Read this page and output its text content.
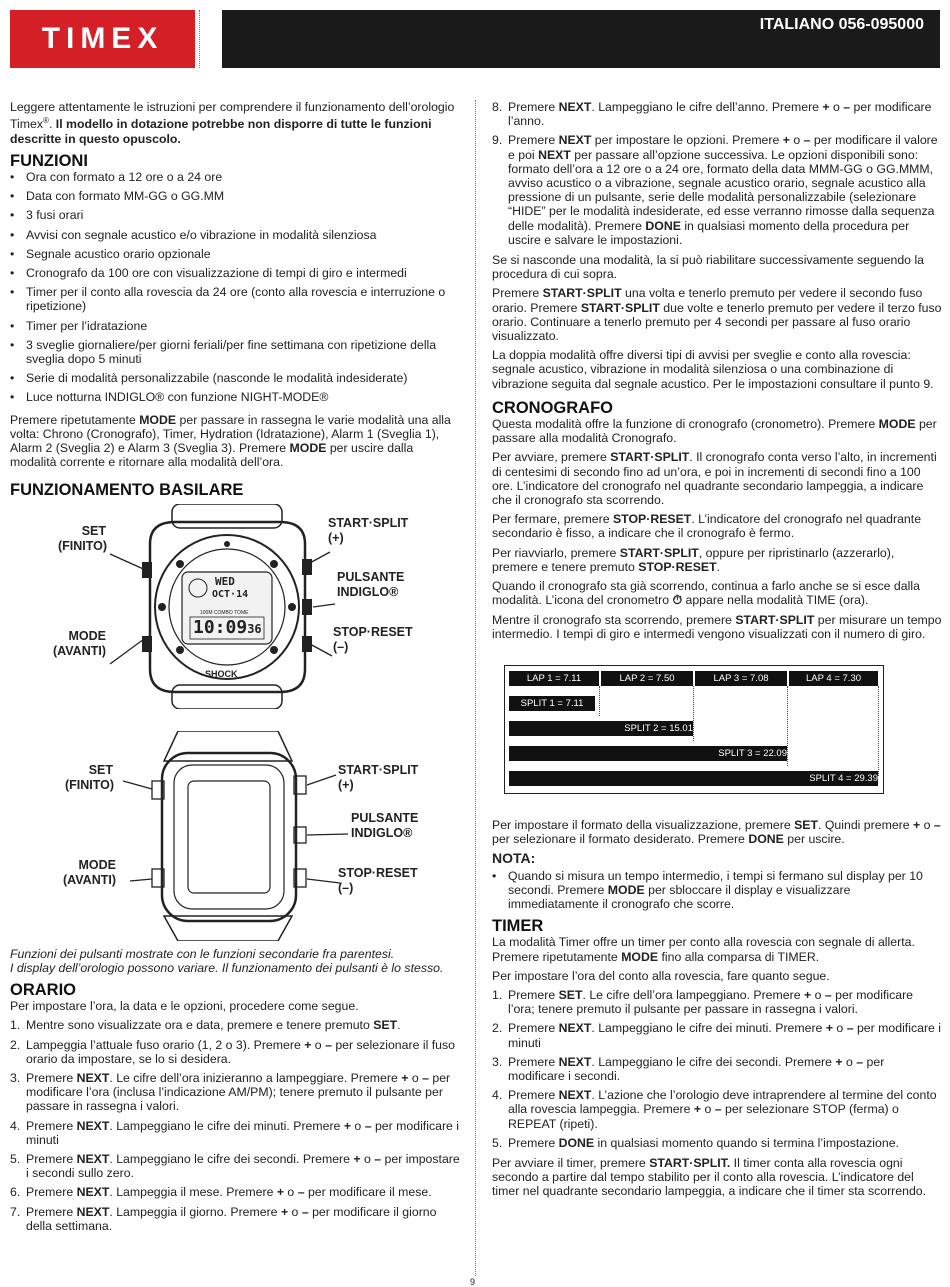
TIMEX	ITALIANO 056-095000

Leggere attentamente le istruzioni per comprendere il funzionamento dell’orologio Timex®. Il modello in dotazione potrebbe non disporre di tutte le funzioni descritte in questo opuscolo.

FUNZIONI
• Ora con formato a 12 ore o a 24 ore
• Data con formato MM-GG o GG.MM
• 3 fusi orari
• Avvisi con segnale acustico e/o vibrazione in modalità silenziosa
• Segnale acustico orario opzionale
• Cronografo da 100 ore con visualizzazione di tempi di giro e intermedi
• Timer per il conto alla rovescia da 24 ore (conto alla rovescia e interruzione o ripetizione)
• Timer per l’idratazione
• 3 sveglie giornaliere/per giorni feriali/per fine settimana con ripetizione della sveglia dopo 5 minuti
• Serie di modalità personalizzabile (nasconde le modalità indesiderate)
• Luce notturna INDIGLO® con funzione NIGHT-MODE®

Premere ripetutamente MODE per passare in rassegna le varie modalità una alla volta: Chrono (Cronografo), Timer, Hydration (Idratazione), Alarm 1 (Sveglia 1), Alarm 2 (Sveglia 2) e Alarm 3 (Sveglia 3). Premere MODE per uscire dalla modalità corrente e ritornare alla modalità dell’ora.

FUNZIONAMENTO BASILARE
WED
OCT·14
100M COMBO TOME
10:0936
SHOCK
SET
(FINITO)
MODE
(AVANTI)
START·SPLIT
(+)
PULSANTE
INDIGLO®
STOP·RESET
(–)
SET
(FINITO)
MODE
(AVANTI)
START·SPLIT
(+)
PULSANTE
INDIGLO®
STOP·RESET
(–)

Funzioni dei pulsanti mostrate con le funzioni secondarie fra parentesi.
I display dell’orologio possono variare. Il funzionamento dei pulsanti è lo stesso.

ORARIO

Per impostare l’ora, la data e le opzioni, procedere come segue.

1. Mentre sono visualizzate ora e data, premere e tenere premuto SET.
2. Lampeggia l’attuale fuso orario (1, 2 o 3). Premere + o – per selezionare il fuso orario da impostare, se lo si desidera.
3. Premere NEXT. Le cifre dell’ora inizieranno a lampeggiare. Premere + o – per modificare l’ora (inclusa l’indicazione AM/PM); tenere premuto il pulsante per passare in rassegna i valori.
4. Premere NEXT. Lampeggiano le cifre dei minuti. Premere + o – per modificare i minuti
5. Premere NEXT. Lampeggiano le cifre dei secondi. Premere + o – per impostare i secondi sullo zero.
6. Premere NEXT. Lampeggia il mese. Premere + o – per modificare il mese.
7. Premere NEXT. Lampeggia il giorno. Premere + o – per modificare il giorno della settimana.
8. Premere NEXT. Lampeggiano le cifre dell’anno. Premere + o – per modificare l’anno.
9. Premere NEXT per impostare le opzioni. Premere + o – per modificare il valore e poi NEXT per passare all’opzione successiva. Le opzioni disponibili sono: formato dell’ora a 12 ore o a 24 ore, formato della data MMM-GG o GG.MMM, avviso acustico o a vibrazione, segnale acustico orario, segnale acustico alla pressione di un pulsante, serie delle modalità personalizzabile (selezionare “HIDE” per le modalità indesiderate, ed esse verranno rimosse dalla sequenza delle modalità). Premere DONE in qualsiasi momento della procedura per uscire e salvare le impostazioni.

Se si nasconde una modalità, la si può riabilitare successivamente seguendo la procedura di cui sopra.

Premere START·SPLIT una volta e tenerlo premuto per vedere il secondo fuso orario. Premere START·SPLIT due volte e tenerlo premuto per vedere il terzo fuso orario. Continuare a tenerlo premuto per 4 secondi per passare al fuso orario visualizzato.

La doppia modalità offre diversi tipi di avvisi per sveglie e conto alla rovescia: segnale acustico, vibrazione in modalità silenziosa o una combinazione di vibrazione seguita dal segnale acustico. Per le impostazioni consultare il punto 9.

CRONOGRAFO

Questa modalità offre la funzione di cronografo (cronometro). Premere MODE per passare alla modalità Cronografo.

Per avviare, premere START·SPLIT. Il cronografo conta verso l’alto, in incrementi di centesimi di secondo fino ad un’ora, e poi in incrementi di secondi fino a 100 ore. L’indicatore del cronografo nel quadrante secondario lampeggia, a indicare che il cronografo sta scorrendo.

Per fermare, premere STOP·RESET. L’indicatore del cronografo nel quadrante secondario è fisso, a indicare che il cronografo è fermo.

Per riavviarlo, premere START·SPLIT, oppure per ripristinarlo (azzerarlo), premere e tenere premuto STOP·RESET.

Quando il cronografo sta già scorrendo, continua a farlo anche se si esce dalla modalità. L’icona del cronometro ⏱ appare nella modalità TIME (ora).

Mentre il cronografo sta scorrendo, premere START·SPLIT per misurare un tempo intermedio. I tempi di giro e intermedi vengono visualizzati con il numero di giro.

LAP 1 = 7.11	LAP 2 = 7.50	LAP 3 = 7.08	LAP 4 = 7.30
SPLIT 1 = 7.11
SPLIT 2 = 15.01
SPLIT 3 = 22.09
SPLIT 4 = 29.39

Per impostare il formato della visualizzazione, premere SET. Quindi premere + o – per selezionare il formato desiderato. Premere DONE per uscire.

NOTA:
• Quando si misura un tempo intermedio, i tempi si fermano sul display per 10 secondi. Premere MODE per sbloccare il display e visualizzare immediatamente il cronografo che scorre.
TIMER

La modalità Timer offre un timer per conto alla rovescia con segnale di allerta. Premere ripetutamente MODE fino alla comparsa di TIMER.

Per impostare l’ora del conto alla rovescia, fare quanto segue.

1. Premere SET. Le cifre dell’ora lampeggiano. Premere + o – per modificare l’ora; tenere premuto il pulsante per passare in rassegna i valori.
2. Premere NEXT. Lampeggiano le cifre dei minuti. Premere + o – per modificare i minuti
3. Premere NEXT. Lampeggiano le cifre dei secondi. Premere + o – per modificare i secondi.
4. Premere NEXT. L’azione che l’orologio deve intraprendere al termine del conto alla rovescia lampeggia. Premere + o – per selezionare STOP (ferma) o REPEAT (ripeti).
5. Premere DONE in qualsiasi momento quando si termina l’impostazione.

Per avviare il timer, premere START·SPLIT. Il timer conta alla rovescia ogni secondo a partire dal tempo stabilito per il conto alla rovescia. L’indicatore del timer nel quadrante secondario lampeggia, a indicare che il timer sta scorrendo.

9
